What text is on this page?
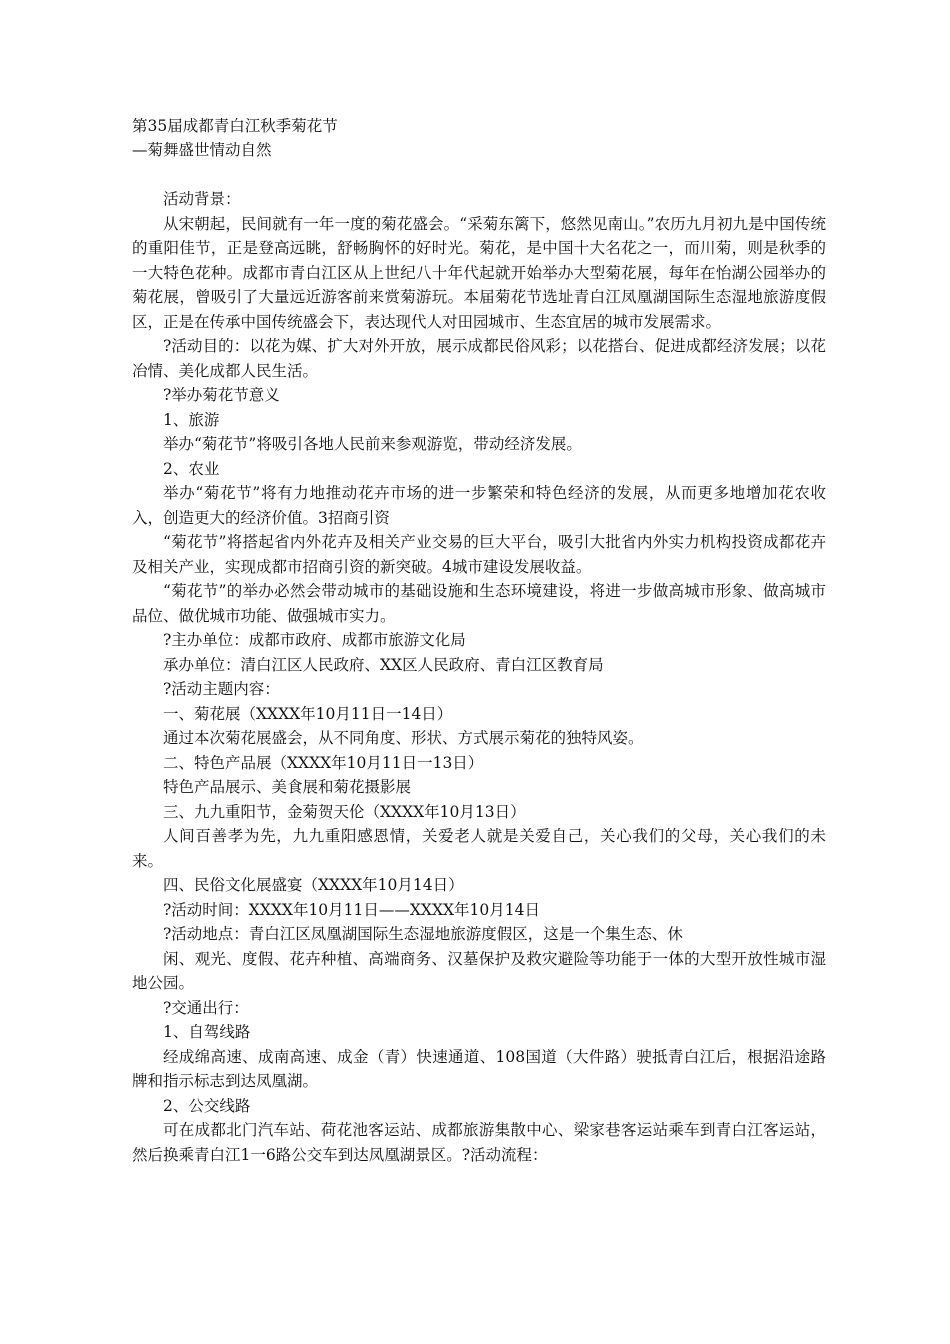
第35届成都青白江秋季菊花节
—菊舞盛世情动自然

活动背景：

从宋朝起，民间就有一年一度的菊花盛会。“采菊东篱下，悠然见南山。”农历九月初九是中国传统的重阳佳节，正是登高远眺，舒畅胸怀的好时光。菊花，是中国十大名花之一，而川菊，则是秋季的一大特色花种。成都市青白江区从上世纪八十年代起就开始举办大型菊花展，每年在怡湖公园举办的菊花展，曾吸引了大量远近游客前来赏菊游玩。本届菊花节选址青白江凤凰湖国际生态湿地旅游度假区，正是在传承中国传统盛会下，表达现代人对田园城市、生态宜居的城市发展需求。

?活动目的：以花为媒、扩大对外开放，展示成都民俗风彩；以花搭台、促进成都经济发展；以花冶情、美化成都人民生活。

?举办菊花节意义

1、旅游

举办“菊花节”将吸引各地人民前来参观游览，带动经济发展。

2、农业

举办“菊花节”将有力地推动花卉市场的进一步繁荣和特色经济的发展，从而更多地增加花农收入，创造更大的经济价值。3招商引资

“菊花节”将搭起省内外花卉及相关产业交易的巨大平台，吸引大批省内外实力机构投资成都花卉及相关产业，实现成都市招商引资的新突破。4城市建设发展收益。

“菊花节”的举办必然会带动城市的基础设施和生态环境建设，将进一步做高城市形象、做高城市品位、做优城市功能、做强城市实力。

?主办单位：成都市政府、成都市旅游文化局

承办单位：清白江区人民政府、XX区人民政府、青白江区教育局

?活动主题内容：

一、菊花展（XXXX年10月11日一14日）

通过本次菊花展盛会，从不同角度、形状、方式展示菊花的独特风姿。

二、特色产品展（XXXX年10月11日一13日）

特色产品展示、美食展和菊花摄影展

三、九九重阳节，金菊贺天伦（XXXX年10月13日）

人间百善孝为先，九九重阳感恩情，关爱老人就是关爱自己，关心我们的父母，关心我们的未来。

四、民俗文化展盛宴（XXXX年10月14日）

?活动时间：XXXX年10月11日——XXXX年10月14日

?活动地点：青白江区凤凰湖国际生态湿地旅游度假区，这是一个集生态、休

闲、观光、度假、花卉种植、高端商务、汉墓保护及救灾避险等功能于一体的大型开放性城市湿地公园。

?交通出行：

1、自驾线路

经成绵高速、成南高速、成金（青）快速通道、108国道（大件路）驶抵青白江后，根据沿途路牌和指示标志到达凤凰湖。

2、公交线路

可在成都北门汽车站、荷花池客运站、成都旅游集散中心、梁家巷客运站乘车到青白江客运站，然后换乘青白江1一6路公交车到达凤凰湖景区。?活动流程：
